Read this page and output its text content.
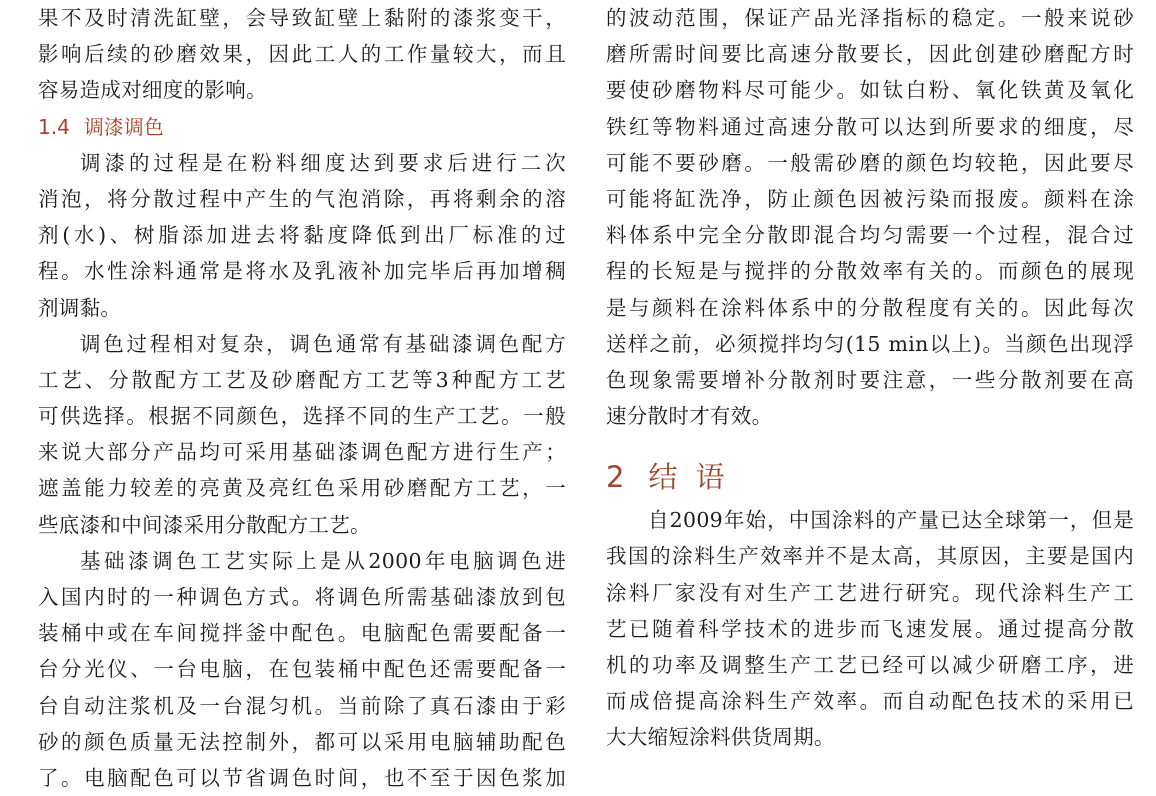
果不及时清洗缸壁，会导致缸壁上黏附的漆浆变干，
影响后续的砂磨效果，因此工人的工作量较大，而且
容易造成对细度的影响。
1.4 调漆调色
调漆的过程是在粉料细度达到要求后进行二次
消泡，将分散过程中产生的气泡消除，再将剩余的溶
剂(水)、树脂添加进去将黏度降低到出厂标准的过
程。水性涂料通常是将水及乳液补加完毕后再加增稠
剂调黏。
调色过程相对复杂，调色通常有基础漆调色配方
工艺、分散配方工艺及砂磨配方工艺等3种配方工艺
可供选择。根据不同颜色，选择不同的生产工艺。一般
来说大部分产品均可采用基础漆调色配方进行生产；
遮盖能力较差的亮黄及亮红色采用砂磨配方工艺，一
些底漆和中间漆采用分散配方工艺。
基础漆调色工艺实际上是从2000年电脑调色进
入国内时的一种调色方式。将调色所需基础漆放到包
装桶中或在车间搅拌釜中配色。电脑配色需要配备一
台分光仪、一台电脑，在包装桶中配色还需要配备一
台自动注浆机及一台混匀机。当前除了真石漆由于彩
砂的颜色质量无法控制外，都可以采用电脑辅助配色
了。电脑配色可以节省调色时间，也不至于因色浆加
的波动范围，保证产品光泽指标的稳定。一般来说砂
磨所需时间要比高速分散要长，因此创建砂磨配方时
要使砂磨物料尽可能少。如钛白粉、氧化铁黄及氧化
铁红等物料通过高速分散可以达到所要求的细度，尽
可能不要砂磨。一般需砂磨的颜色均较艳，因此要尽
可能将缸洗净，防止颜色因被污染而报废。颜料在涂
料体系中完全分散即混合均匀需要一个过程，混合过
程的长短是与搅拌的分散效率有关的。而颜色的展现
是与颜料在涂料体系中的分散程度有关的。因此每次
送样之前，必须搅拌均匀(15 min以上)。当颜色出现浮
色现象需要增补分散剂时要注意，一些分散剂要在高
速分散时才有效。
2 结语
自2009年始，中国涂料的产量已达全球第一，但是
我国的涂料生产效率并不是太高，其原因，主要是国内
涂料厂家没有对生产工艺进行研究。现代涂料生产工
艺已随着科学技术的进步而飞速发展。通过提高分散
机的功率及调整生产工艺已经可以减少研磨工序，进
而成倍提高涂料生产效率。而自动配色技术的采用已
大大缩短涂料供货周期。
